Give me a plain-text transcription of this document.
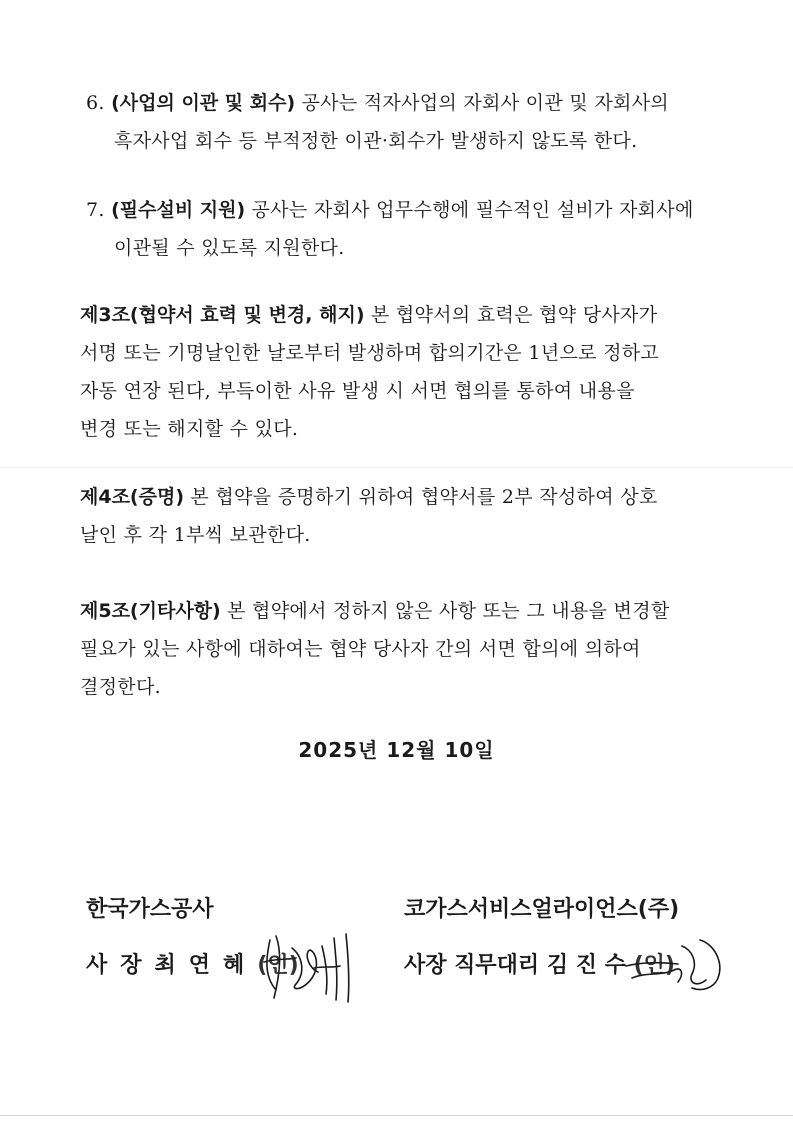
6. (사업의 이관 및 회수) 공사는 적자사업의 자회사 이관 및 자회사의
흑자사업 회수 등 부적정한 이관·회수가 발생하지 않도록 한다.
7. (필수설비 지원) 공사는 자회사 업무수행에 필수적인 설비가 자회사에
이관될 수 있도록 지원한다.
제3조(협약서 효력 및 변경, 해지) 본 협약서의 효력은 협약 당사자가
서명 또는 기명날인한 날로부터 발생하며 합의기간은 1년으로 정하고
자동 연장 된다, 부득이한 사유 발생 시 서면 협의를 통하여 내용을
변경 또는 해지할 수 있다.
제4조(증명) 본 협약을 증명하기 위하여 협약서를 2부 작성하여 상호
날인 후 각 1부씩 보관한다.
제5조(기타사항) 본 협약에서 정하지 않은 사항 또는 그 내용을 변경할
필요가 있는 사항에 대하여는 협약 당사자 간의 서면 합의에 의하여
결정한다.
2025년 12월 10일
한국가스공사
사장최연혜(인)
코가스서비스얼라이언스(주)
사장 직무대리 김 진 수 (인)
